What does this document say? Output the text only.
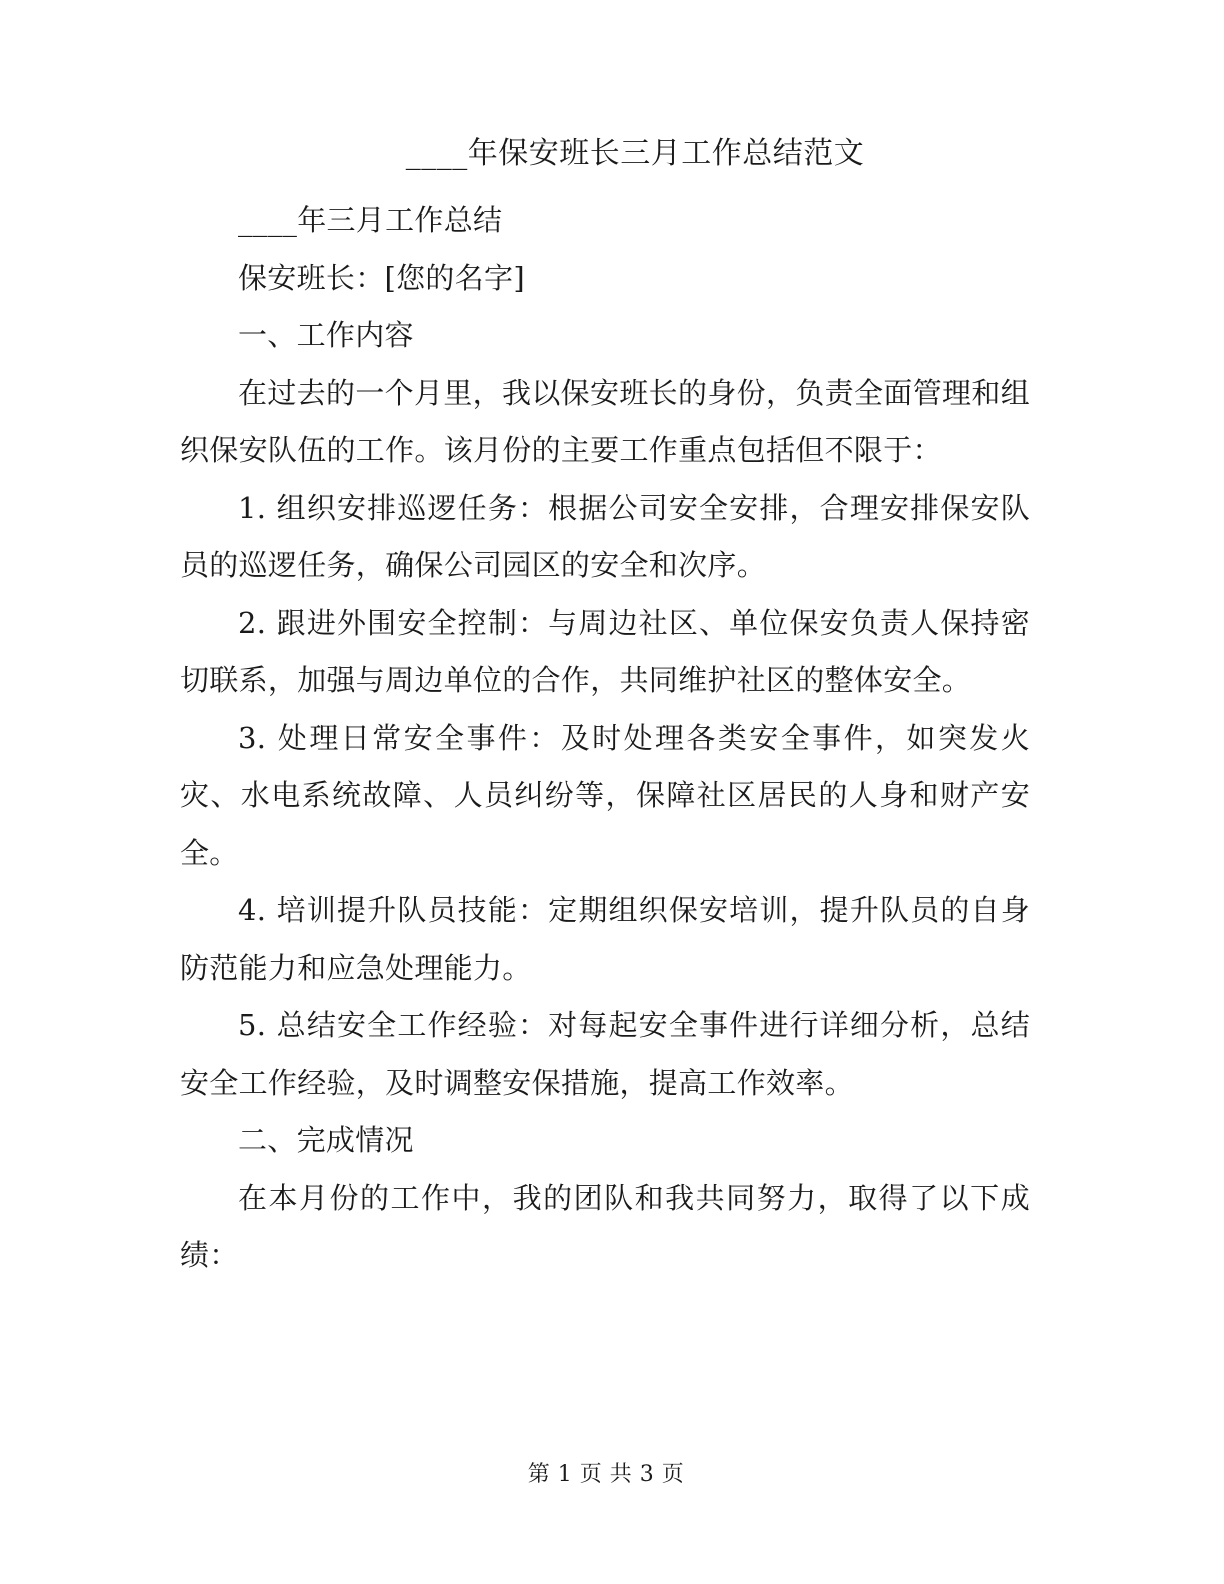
____年保安班长三月工作总结范文

____年三月工作总结

保安班长：[您的名字]

一、工作内容

在过去的一个月里，我以保安班长的身份，负责全面管理和组织保安队伍的工作。该月份的主要工作重点包括但不限于：

1. 组织安排巡逻任务：根据公司安全安排，合理安排保安队员的巡逻任务，确保公司园区的安全和次序。

2. 跟进外围安全控制：与周边社区、单位保安负责人保持密切联系，加强与周边单位的合作，共同维护社区的整体安全。

3. 处理日常安全事件：及时处理各类安全事件，如突发火灾、水电系统故障、人员纠纷等，保障社区居民的人身和财产安全。

4. 培训提升队员技能：定期组织保安培训，提升队员的自身防范能力和应急处理能力。

5. 总结安全工作经验：对每起安全事件进行详细分析，总结安全工作经验，及时调整安保措施，提高工作效率。

二、完成情况

在本月份的工作中，我的团队和我共同努力，取得了以下成绩：

第 1 页 共 3 页
